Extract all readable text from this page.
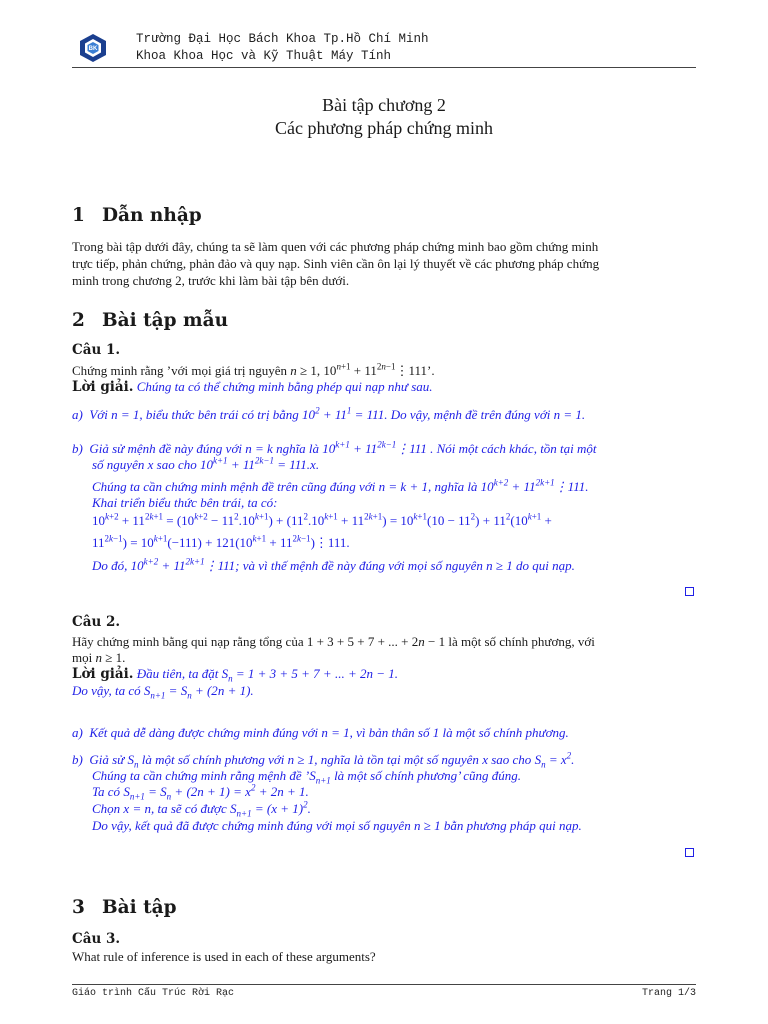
BK
Trường Đại Học Bách Khoa Tp.Hồ Chí Minh
Khoa Khoa Học và Kỹ Thuật Máy Tính
Bài tập chương 2
Các phương pháp chứng minh
1 Dẫn nhập
Trong bài tập dưới đây, chúng ta sẽ làm quen với các phương pháp chứng minh bao gồm chứng minh
trực tiếp, phản chứng, phản đảo và quy nạp. Sinh viên cần ôn lại lý thuyết về các phương pháp chứng
minh trong chương 2, trước khi làm bài tập bên dưới.
2 Bài tập mẫu
Câu 1.
Chứng minh rằng ’với mọi giá trị nguyên n ≥ 1, $10^{n+1}$ + $11^{2n-1}⋮111$’.
Lời giải. Chúng ta có thể chứng minh bằng phép qui nạp như sau.
a)  Với n = 1, biểu thức bên trái có trị bằng $10^2 + 11^1 = 111$. Do vậy, mệnh đề trên đúng với n = 1.
b)  Giả sử mệnh đề này đúng với n = k nghĩa là $10^{k+1}$ + $11^{2k-1}⋮111$ . Nói một cách khác, tồn tại một
số nguyên x sao cho $10^{k+1} + 11^{2k-1} = 111.x$.
Chúng ta cần chứng minh mệnh đề trên cũng đúng với n = k + 1, nghĩa là $10^{k+2}$ + $11^{2k+1}⋮111$.
Khai triển biểu thức bên trái, ta có:
$10^{k+2} + 11^{2k+1} = (10^{k+2} - 11^2.10^{k+1}) + (11^2.10^{k+1} + 11^{2k+1}) = 10^{k+1}(10 - 11^2) + 11^2(10^{k+1}$ +
$11^{2k-1}) = 10^{k+1}(-111) + 121(10^{k+1}$ + $11^{2k-1})⋮111$.
Do đó, $10^{k+2}$ + $11^{2k+1}⋮111$; và vì thế mệnh đề này đúng với mọi số nguyên n ≥ 1 do qui nạp.
Câu 2.
Hãy chứng minh bằng qui nạp rằng tổng của 1 + 3 + 5 + 7 + ... + 2n − 1 là một số chính phương, với
mọi n ≥ 1.
Lời giải. Đầu tiên, ta đặt $S_n = 1 + 3 + 5 + 7$ + ... + 2n − 1.
Do vậy, ta có $S_{n+1} = S_n + (2n + 1)$.
a)  Kết quả dễ dàng được chứng minh đúng với n = 1, vì bản thân số 1 là một số chính phương.
b)  Giả sử $S_n$ là một số chính phương với n ≥ 1, nghĩa là tồn tại một số nguyên x sao cho $S_n = x^2$.
Chúng ta cần chứng minh rằng mệnh đề $’S_{n+1}$ là một số chính phương’ cũng đúng.
Ta có $S_{n+1} = S_n + (2n + 1) = x^2 + 2n + 1$.
Chọn x = n, ta sẽ có được $S_{n+1} = (x + 1)^2$.
Do vậy, kết quả đã được chứng minh đúng với mọi số nguyên n ≥ 1 bằn phương pháp qui nạp.
3 Bài tập
Câu 3.
What rule of inference is used in each of these arguments?
Giáo trình Cấu Trúc Rời Rạc	Trang 1/3
